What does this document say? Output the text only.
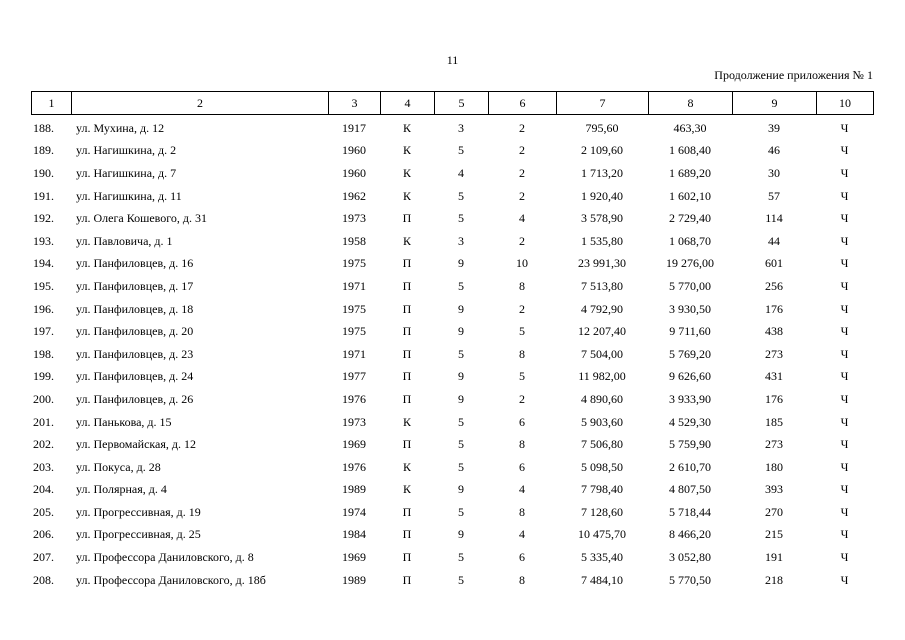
11
Продолжение приложения № 1
1	2	3	4	5	6	7	8	9	10
188.	ул. Мухина, д. 12	1917	К	3	2	795,60	463,30	39	Ч
189.	ул. Нагишкина, д. 2	1960	К	5	2	2 109,60	1 608,40	46	Ч
190.	ул. Нагишкина, д. 7	1960	К	4	2	1 713,20	1 689,20	30	Ч
191.	ул. Нагишкина, д. 11	1962	К	5	2	1 920,40	1 602,10	57	Ч
192.	ул. Олега Кошевого, д. 31	1973	П	5	4	3 578,90	2 729,40	114	Ч
193.	ул. Павловича, д. 1	1958	К	3	2	1 535,80	1 068,70	44	Ч
194.	ул. Панфиловцев, д. 16	1975	П	9	10	23 991,30	19 276,00	601	Ч
195.	ул. Панфиловцев, д. 17	1971	П	5	8	7 513,80	5 770,00	256	Ч
196.	ул. Панфиловцев, д. 18	1975	П	9	2	4 792,90	3 930,50	176	Ч
197.	ул. Панфиловцев, д. 20	1975	П	9	5	12 207,40	9 711,60	438	Ч
198.	ул. Панфиловцев, д. 23	1971	П	5	8	7 504,00	5 769,20	273	Ч
199.	ул. Панфиловцев, д. 24	1977	П	9	5	11 982,00	9 626,60	431	Ч
200.	ул. Панфиловцев, д. 26	1976	П	9	2	4 890,60	3 933,90	176	Ч
201.	ул. Панькова, д. 15	1973	К	5	6	5 903,60	4 529,30	185	Ч
202.	ул. Первомайская, д. 12	1969	П	5	8	7 506,80	5 759,90	273	Ч
203.	ул. Покуса, д. 28	1976	К	5	6	5 098,50	2 610,70	180	Ч
204.	ул. Полярная, д. 4	1989	К	9	4	7 798,40	4 807,50	393	Ч
205.	ул. Прогрессивная, д. 19	1974	П	5	8	7 128,60	5 718,44	270	Ч
206.	ул. Прогрессивная, д. 25	1984	П	9	4	10 475,70	8 466,20	215	Ч
207.	ул. Профессора Даниловского, д. 8	1969	П	5	6	5 335,40	3 052,80	191	Ч
208.	ул. Профессора Даниловского, д. 18б	1989	П	5	8	7 484,10	5 770,50	218	Ч
